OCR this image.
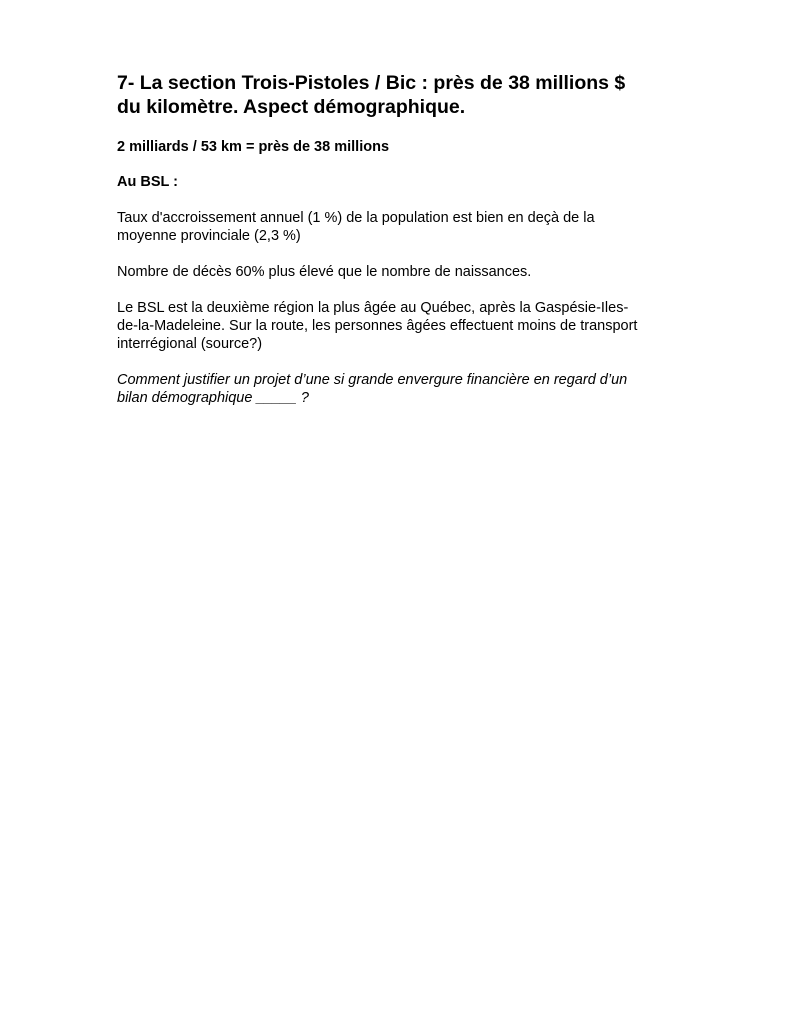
7- La section Trois-Pistoles / Bic : près de 38 millions $
du kilomètre. Aspect démographique.

2 milliards / 53 km = près de 38 millions

Au BSL :

Taux d'accroissement annuel (1 %) de la population est bien en deçà de la
moyenne provinciale (2,3 %)

Nombre de décès 60% plus élevé que le nombre de naissances.

Le BSL est la deuxième région la plus âgée au Québec, après la Gaspésie-Iles-
de-la-Madeleine. Sur la route, les personnes âgées effectuent moins de transport
interrégional (source?)

Comment justifier un projet d’une si grande envergure financière en regard d’un
bilan démographique _____ ?
